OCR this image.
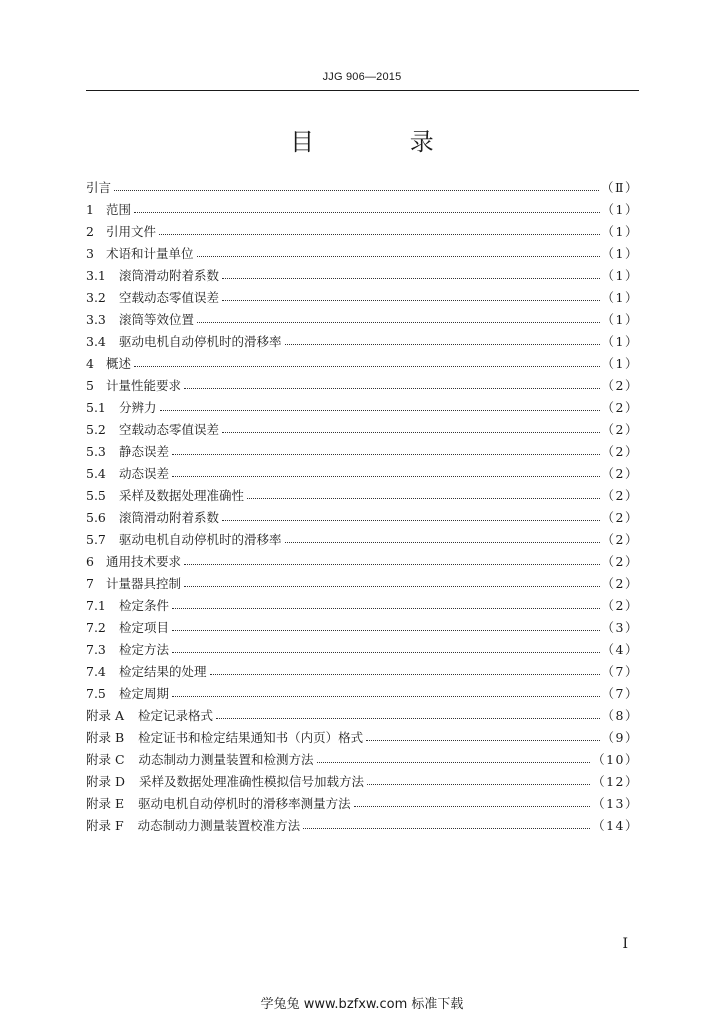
JJG 906—2015
目 录
引言	（Ⅱ）
1 范围	（1）
2 引用文件	（1）
3 术语和计量单位	（1）
3.1 滚筒滑动附着系数	（1）
3.2 空载动态零值误差	（1）
3.3 滚筒等效位置	（1）
3.4 驱动电机自动停机时的滑移率	（1）
4 概述	（1）
5 计量性能要求	（2）
5.1 分辨力	（2）
5.2 空载动态零值误差	（2）
5.3 静态误差	（2）
5.4 动态误差	（2）
5.5 采样及数据处理准确性	（2）
5.6 滚筒滑动附着系数	（2）
5.7 驱动电机自动停机时的滑移率	（2）
6 通用技术要求	（2）
7 计量器具控制	（2）
7.1 检定条件	（2）
7.2 检定项目	（3）
7.3 检定方法	（4）
7.4 检定结果的处理	（7）
7.5 检定周期	（7）
附录 A 检定记录格式	（8）
附录 B 检定证书和检定结果通知书（内页）格式	（9）
附录 C 动态制动力测量装置和检测方法	（10）
附录 D 采样及数据处理准确性模拟信号加载方法	（12）
附录 E 驱动电机自动停机时的滑移率测量方法	（13）
附录 F 动态制动力测量装置校准方法	（14）
Ⅰ
学兔兔 www.bzfxw.com 标准下载
